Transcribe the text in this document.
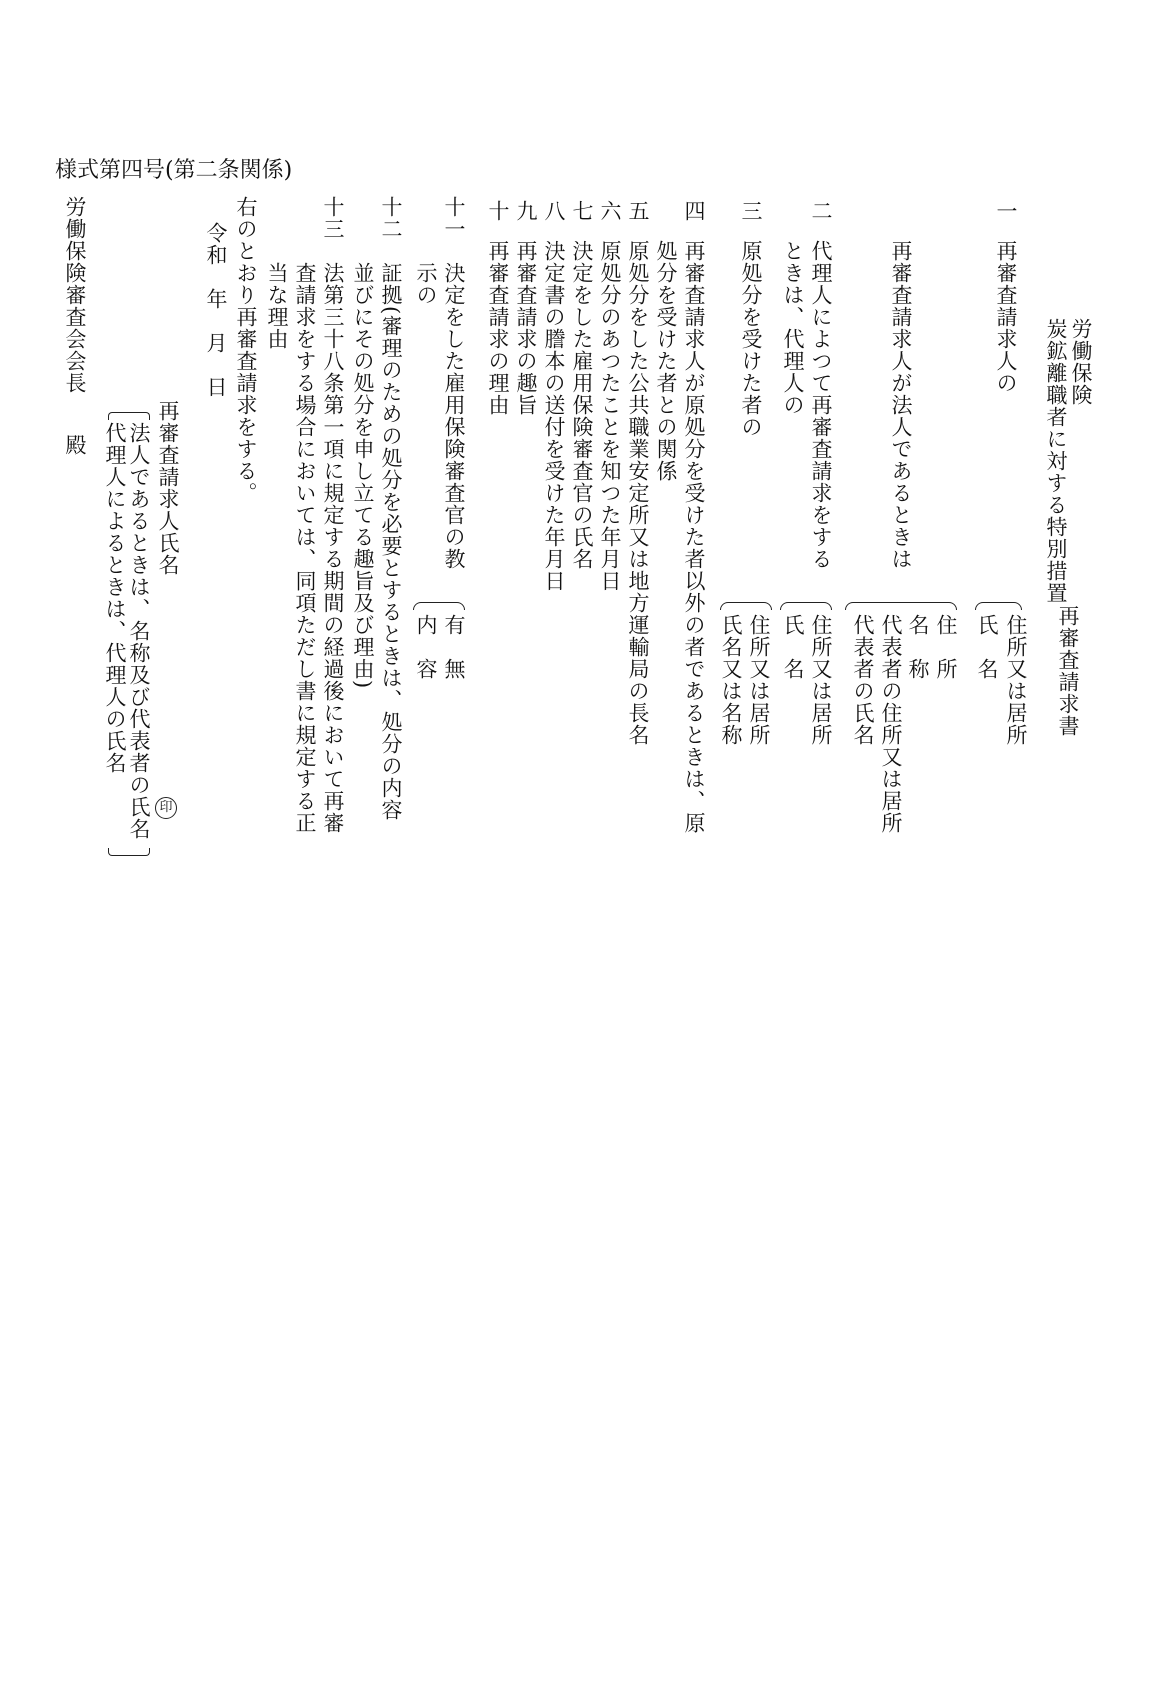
様式第四号(第二条関係)
労働保険
炭鉱離職者に対する特別措置
再審査請求書
一
再審査請求人の
住所又は居所
氏　名
再審査請求人が法人であるときは
住　所
名　称
代表者の住所又は居所
代表者の氏名
二
代理人によつて再審査請求をする
ときは、代理人の
住所又は居所
氏　名
三
原処分を受けた者の
住所又は居所
氏名又は名称
四
再審査請求人が原処分を受けた者以外の者であるときは、原
処分を受けた者との関係
五
原処分をした公共職業安定所又は地方運輸局の長名
六
原処分のあつたことを知つた年月日
七
決定をした雇用保険審査官の氏名
八
決定書の謄本の送付を受けた年月日
九
再審査請求の趣旨
十
再審査請求の理由
十一
決定をした雇用保険審査官の教
示の
有　無
内　容
十二
証拠(審理のための処分を必要とするときは、処分の内容
並びにその処分を申し立てる趣旨及び理由)
十三
法第三十八条第一項に規定する期間の経過後において再審
査請求をする場合においては、同項ただし書に規定する正
当な理由
右のとおり再審査請求をする。
令和　年　月　日
再審査請求人氏名
法人であるときは、名称及び代表者の氏名
代理人によるときは、代理人の氏名
印
労働保険審査会会長
殿
